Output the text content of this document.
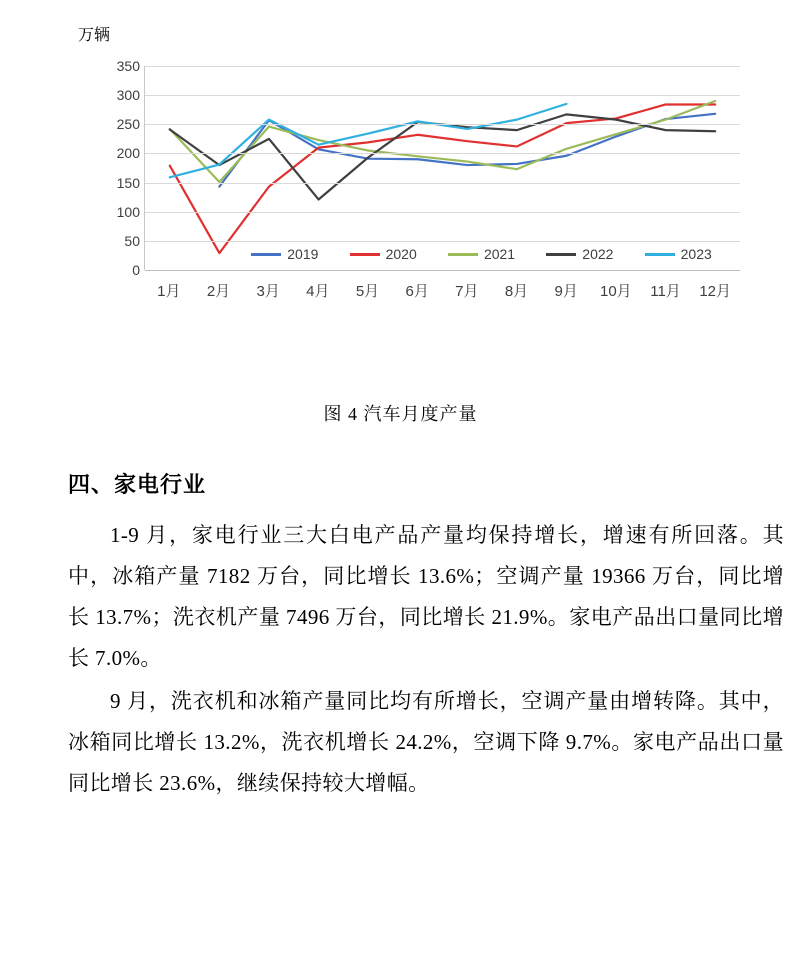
万辆
0
50
100
150
200
250
300
350
2019	2020	2021	2022	2023
1月 2月 3月 4月 5月 6月 7月 8月 9月 10月 11月 12月
图 4 汽车月度产量
四、家电行业

1-9 月，家电行业三大白电产品产量均保持增长，增速有所回落。其中，冰箱产量 7182 万台，同比增长 13.6%；空调产量 19366 万台，同比增长 13.7%；洗衣机产量 7496 万台，同比增长 21.9%。家电产品出口量同比增长 7.0%。

9 月，洗衣机和冰箱产量同比均有所增长，空调产量由增转降。其中，冰箱同比增长 13.2%，洗衣机增长 24.2%，空调下降 9.7%。家电产品出口量同比增长 23.6%，继续保持较大增幅。
